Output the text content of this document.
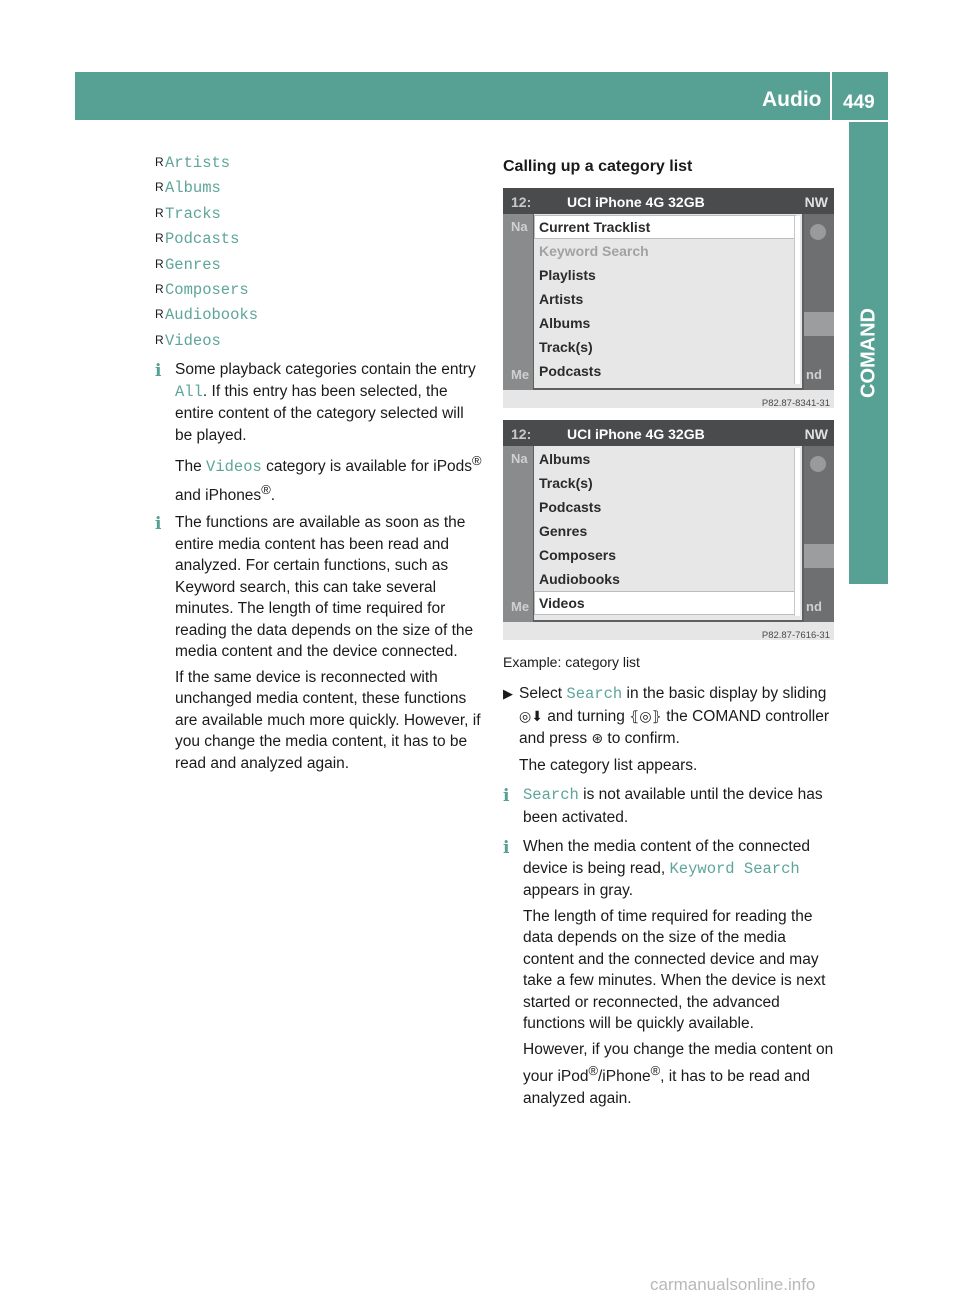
Audio 449
COMAND
R Artists
R Albums
R Tracks
R Podcasts
R Genres
R Composers
R Audiobooks
R Videos
i Some playback categories contain the entry All. If this entry has been selected, the entire content of the category selected will be played.

The Videos category is available for iPods® and iPhones®.

i The functions are available as soon as the entire media content has been read and analyzed. For certain functions, such as Keyword search, this can take several minutes. The length of time required for reading the data depends on the size of the media content and the device connected.

If the same device is reconnected with unchanged media content, these functions are available much more quickly. However, if you change the media content, it has to be read and analyzed again.

Calling up a category list
12:	UCI iPhone 4G 32GB	NW
Na
Me	nd
Current Tracklist
Keyword Search
Playlists
Artists
Albums
Track(s)
Podcasts
P82.87-8341-31
12:	UCI iPhone 4G 32GB	NW
Na
Me	nd
Albums
Track(s)
Podcasts
Genres
Composers
Audiobooks
Videos
P82.87-7616-31
Example: category list
▶ Select Search in the basic display by sliding ◎⬇ and turning ⦃◎⦄ the COMAND controller and press ⊛ to confirm.

The category list appears.

i Search is not available until the device has been activated.

i When the media content of the connected device is being read, Keyword Search appears in gray.

The length of time required for reading the data depends on the size of the media content and the connected device and may take a few minutes. When the device is next started or reconnected, the advanced functions will be quickly available.

However, if you change the media content on your iPod®/iPhone®, it has to be read and analyzed again.

carmanualsonline.info
